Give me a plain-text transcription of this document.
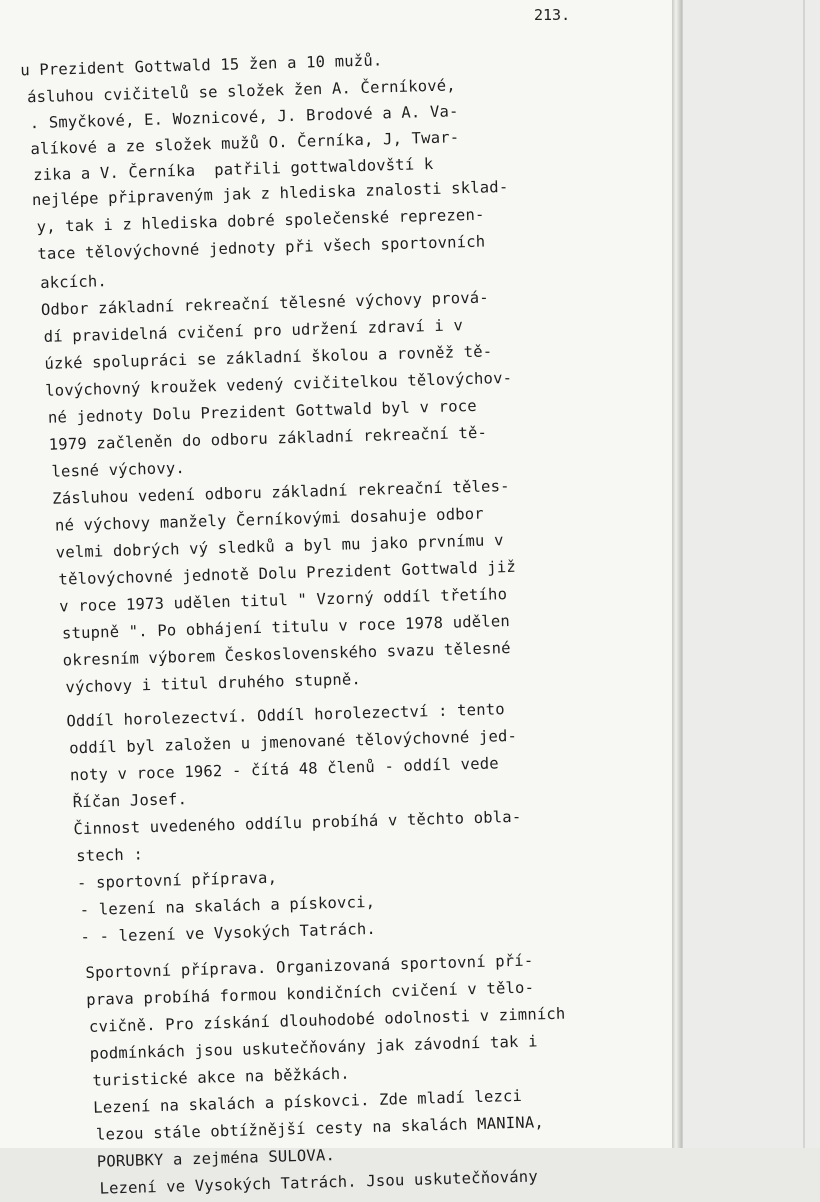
213.
u Prezident Gottwald 15 žen a 10 mužů.
ásluhou cvičitelů se složek žen A. Černíkové,
. Smyčkové, E. Woznicové, J. Brodové a A. Va-
alíkové a ze složek mužů O. Černíka, J, Twar-
zika a V. Černíka  patřili gottwaldovští k
nejlépe připraveným jak z hlediska znalosti sklad-
y, tak i z hlediska dobré společenské reprezen-
tace tělovýchovné jednoty při všech sportovních
akcích.
Odbor základní rekreační tělesné výchovy prová-
dí pravidelná cvičení pro udržení zdraví i v
úzké spolupráci se základní školou a rovněž tě-
lovýchovný kroužek vedený cvičitelkou tělovýchov-
né jednoty Dolu Prezident Gottwald byl v roce
1979 začleněn do odboru základní rekreační tě-
lesné výchovy.
Zásluhou vedení odboru základní rekreační těles-
né výchovy manžely Černíkovými dosahuje odbor
velmi dobrých vý sledků a byl mu jako prvnímu v
tělovýchovné jednotě Dolu Prezident Gottwald již
v roce 1973 udělen titul " Vzorný oddíl třetího
stupně ". Po obhájení titulu v roce 1978 udělen
okresním výborem Československého svazu tělesné
výchovy i titul druhého stupně.
Oddíl horolezectví. Oddíl horolezectví : tento
oddíl byl založen u jmenované tělovýchovné jed-
noty v roce 1962 - čítá 48 členů - oddíl vede
Říčan Josef.
Činnost uvedeného oddílu probíhá v těchto obla-
stech :
- sportovní příprava,
- lezení na skalách a pískovci,
- - lezení ve Vysokých Tatrách.
Sportovní příprava. Organizovaná sportovní pří-
prava probíhá formou kondičních cvičení v tělo-
cvičně. Pro získání dlouhodobé odolnosti v zimních
podmínkách jsou uskutečňovány jak závodní tak i
turistické akce na běžkách.
Lezení na skalách a pískovci. Zde mladí lezci
lezou stále obtížnější cesty na skalách MANINA,
PORUBKY a zejména SULOVA.
Lezení ve Vysokých Tatrách. Jsou uskutečňovány
